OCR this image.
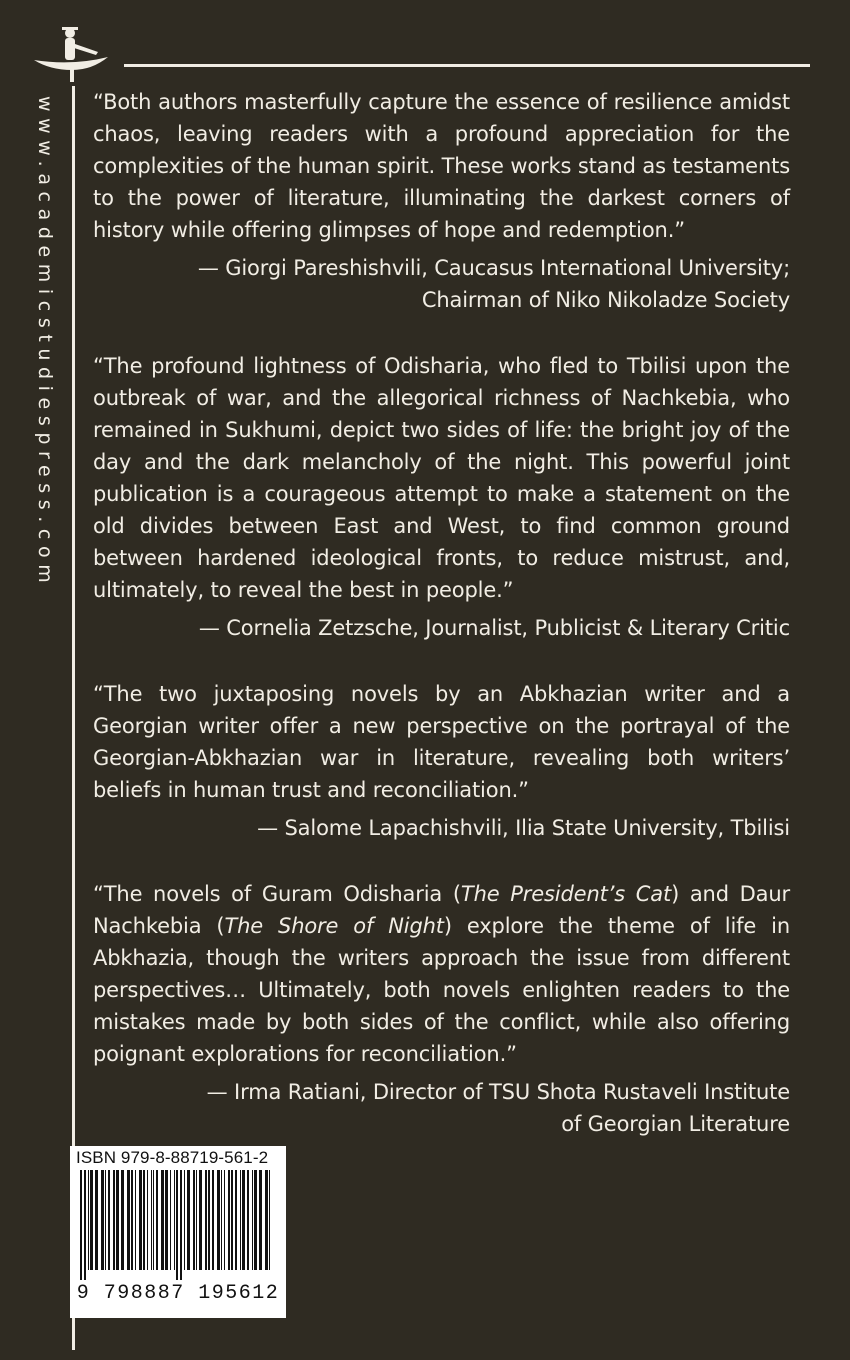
www.academicstudiespress.com “Both authors masterfully capture the essence of resilience amidst chaos, leaving readers with a profound appreciation for the complexities of the human spirit. These works stand as testaments to the power of literature, illuminating the darkest corners of history while offering glimpses of hope and redemption.”

— Giorgi Pareshishvili, Caucasus International University;
Chairman of Niko Nikoladze Society

“The profound lightness of Odisharia, who fled to Tbilisi upon the outbreak of war, and the allegorical richness of Nachkebia, who remained in Sukhumi, depict two sides of life: the bright joy of the day and the dark melancholy of the night. This powerful joint publication is a courageous attempt to make a statement on the old divides between East and West, to find common ground between hardened ideological fronts, to reduce mistrust, and, ultimately, to reveal the best in people.”

— Cornelia Zetzsche, Journalist, Publicist & Literary Critic

“The two juxtaposing novels by an Abkhazian writer and a Georgian writer offer a new perspective on the portrayal of the Georgian-Abkhazian war in literature, revealing both writers’ beliefs in human trust and reconciliation.”

— Salome Lapachishvili, Ilia State University, Tbilisi

“The novels of Guram Odisharia (The President’s Cat) and Daur Nachkebia (The Shore of Night) explore the theme of life in Abkhazia, though the writers approach the issue from different perspectives… Ultimately, both novels enlighten readers to the mistakes made by both sides of the conflict, while also offering poignant explorations for reconciliation.”

— Irma Ratiani, Director of TSU Shota Rustaveli Institute
of Georgian Literature

ISBN 979-8-88719-561-2
9 798887 195612
